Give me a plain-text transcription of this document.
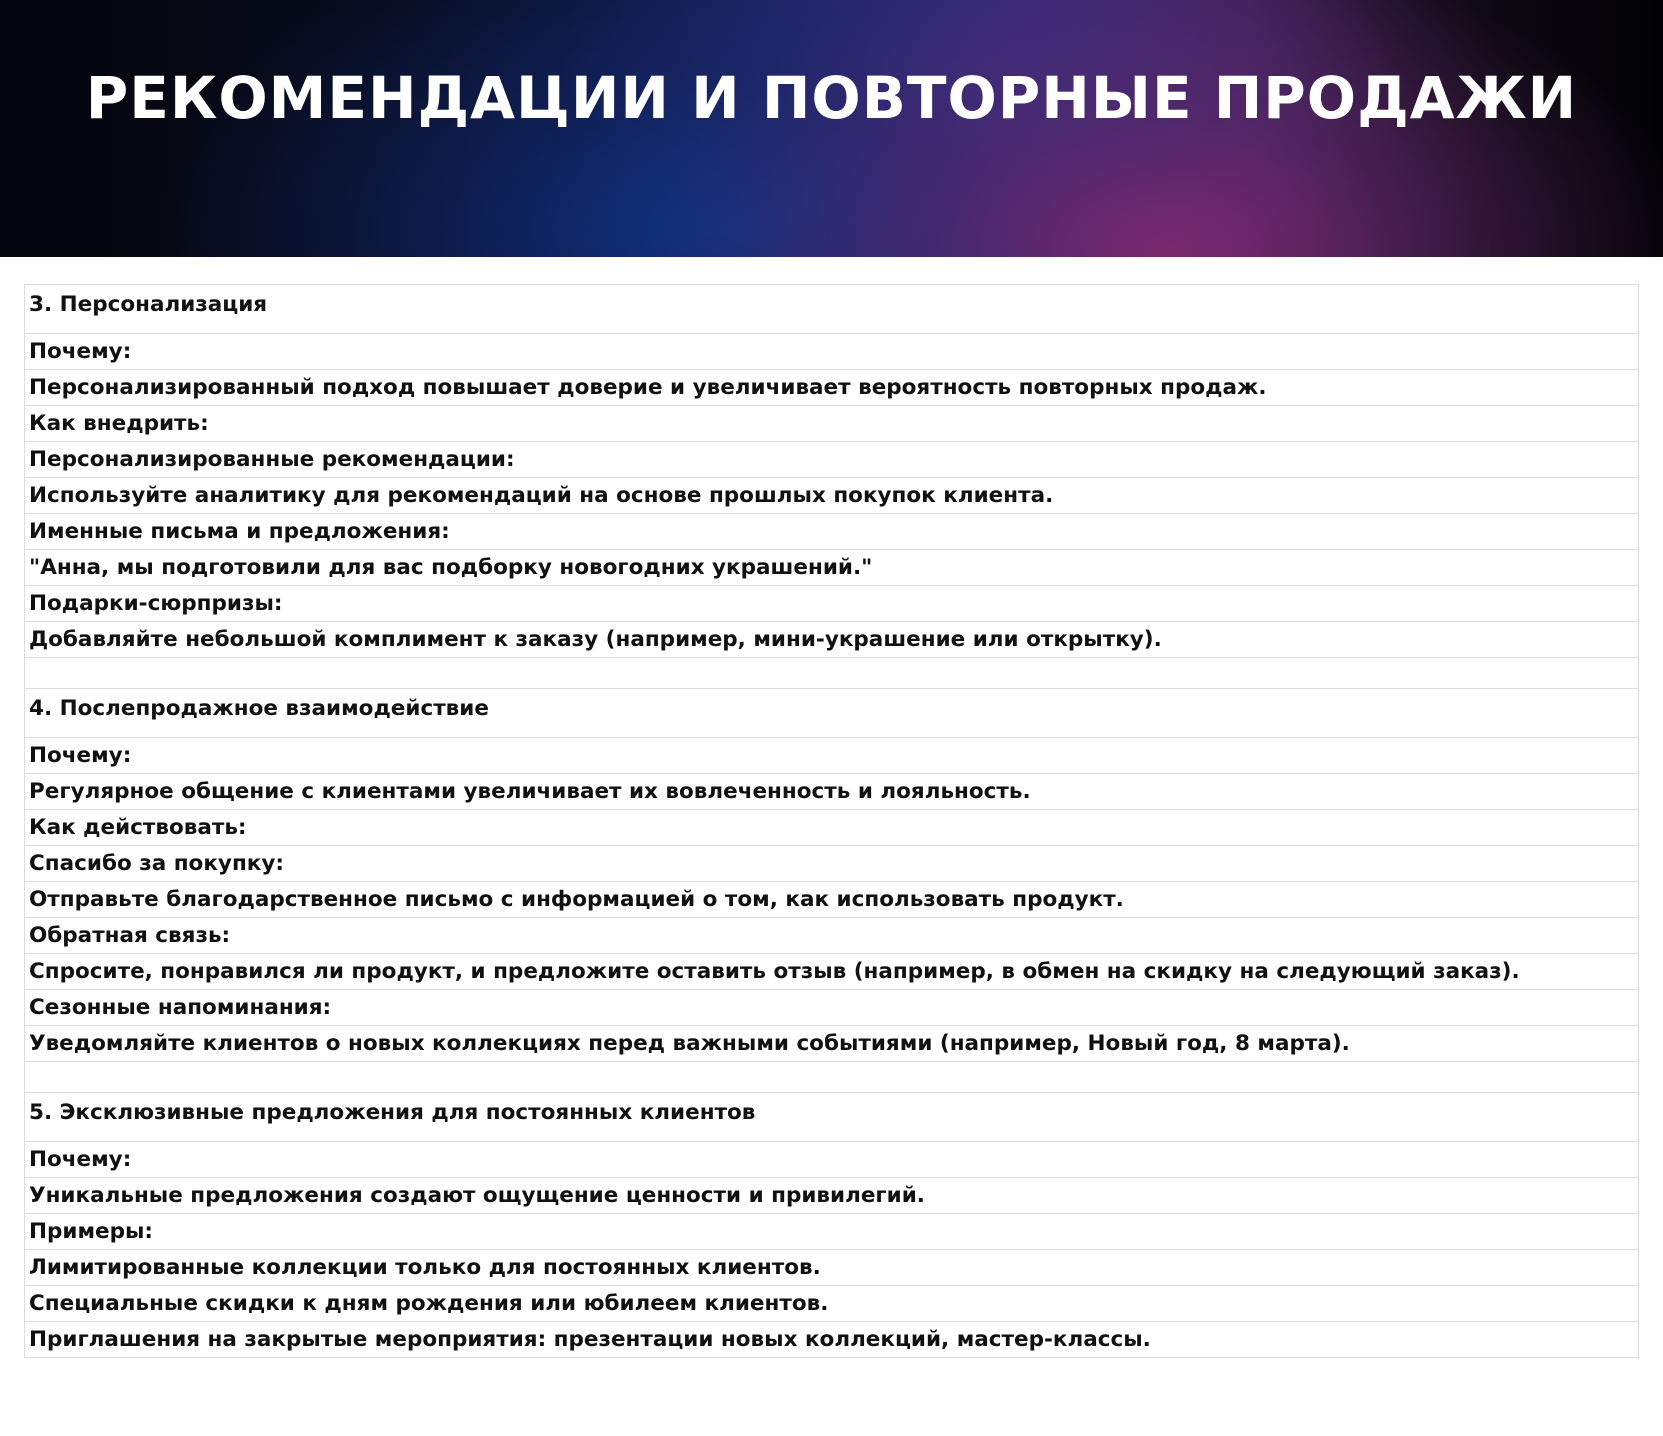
РЕКОМЕНДАЦИИ И ПОВТОРНЫЕ ПРОДАЖИ
3. Персонализация
Почему:
Персонализированный подход повышает доверие и увеличивает вероятность повторных продаж.
Как внедрить:
Персонализированные рекомендации:
Используйте аналитику для рекомендаций на основе прошлых покупок клиента.
Именные письма и предложения:
"Анна, мы подготовили для вас подборку новогодних украшений."
Подарки-сюрпризы:
Добавляйте небольшой комплимент к заказу (например, мини-украшение или открытку).

4. Послепродажное взаимодействие
Почему:
Регулярное общение с клиентами увеличивает их вовлеченность и лояльность.
Как действовать:
Спасибо за покупку:
Отправьте благодарственное письмо с информацией о том, как использовать продукт.
Обратная связь:
Спросите, понравился ли продукт, и предложите оставить отзыв (например, в обмен на скидку на следующий заказ).
Сезонные напоминания:
Уведомляйте клиентов о новых коллекциях перед важными событиями (например, Новый год, 8 марта).

5. Эксклюзивные предложения для постоянных клиентов
Почему:
Уникальные предложения создают ощущение ценности и привилегий.
Примеры:
Лимитированные коллекции только для постоянных клиентов.
Специальные скидки к дням рождения или юбилеем клиентов.
Приглашения на закрытые мероприятия: презентации новых коллекций, мастер-классы.
